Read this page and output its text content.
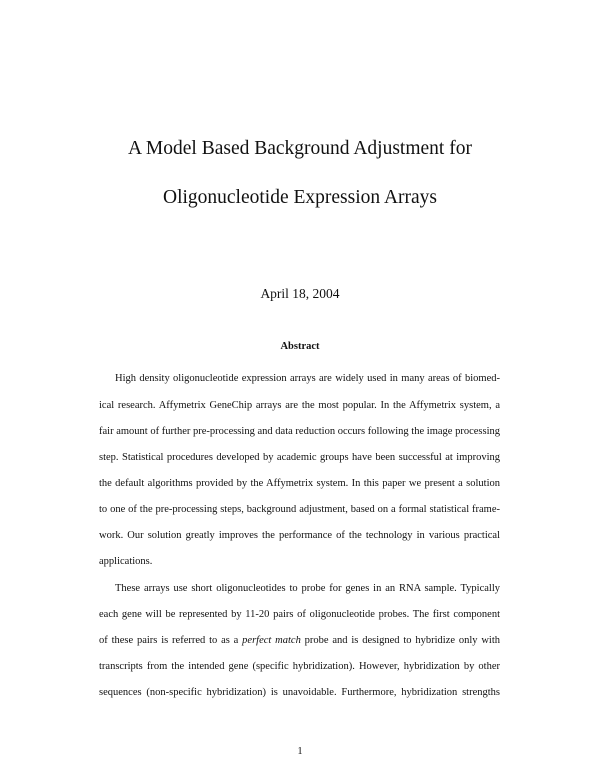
A Model Based Background Adjustment for
Oligonucleotide Expression Arrays
April 18, 2004
Abstract
High density oligonucleotide expression arrays are widely used in many areas of biomed-
ical research. Affymetrix GeneChip arrays are the most popular. In the Affymetrix system, a
fair amount of further pre-processing and data reduction occurs following the image processing
step. Statistical procedures developed by academic groups have been successful at improving
the default algorithms provided by the Affymetrix system. In this paper we present a solution
to one of the pre-processing steps, background adjustment, based on a formal statistical frame-
work. Our solution greatly improves the performance of the technology in various practical
applications.
These arrays use short oligonucleotides to probe for genes in an RNA sample. Typically
each gene will be represented by 11-20 pairs of oligonucleotide probes. The first component
of these pairs is referred to as a perfect match probe and is designed to hybridize only with
transcripts from the intended gene (specific hybridization). However, hybridization by other
sequences (non-specific hybridization) is unavoidable. Furthermore, hybridization strengths
1
